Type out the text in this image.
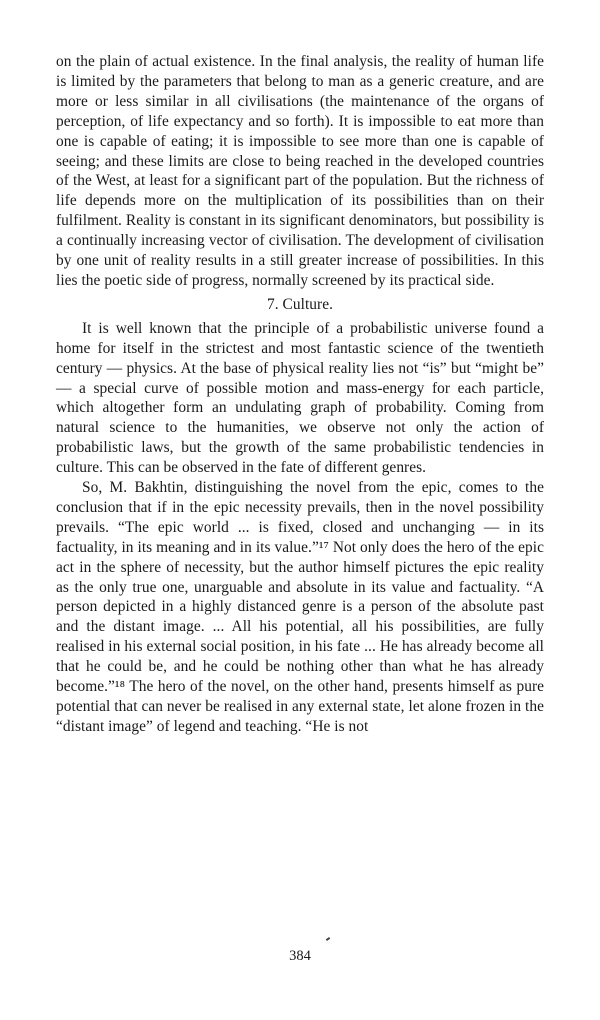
on the plain of actual existence. In the final analysis, the reality of human life is limited by the parameters that belong to man as a generic creature, and are more or less similar in all civilisations (the maintenance of the organs of perception, of life expectancy and so forth). It is impossible to eat more than one is capable of eating; it is impossible to see more than one is capable of seeing; and these limits are close to being reached in the developed countries of the West, at least for a significant part of the population. But the richness of life depends more on the multiplication of its possibilities than on their fulfilment. Reality is constant in its significant denominators, but possibility is a continually increasing vector of civilisation. The development of civilisation by one unit of reality results in a still greater increase of possibilities. In this lies the poetic side of progress, normally screened by its practical side.

7. Culture.

It is well known that the principle of a probabilistic universe found a home for itself in the strictest and most fantastic science of the twentieth century — physics. At the base of physical reality lies not “is” but “might be” — a special curve of possible motion and mass-energy for each particle, which altogether form an undulating graph of probability. Coming from natural science to the humanities, we observe not only the action of probabilistic laws, but the growth of the same probabilistic tendencies in culture. This can be observed in the fate of different genres.

So, M. Bakhtin, distinguishing the novel from the epic, comes to the conclusion that if in the epic necessity prevails, then in the novel possibility prevails. “The epic world ... is fixed, closed and unchanging — in its factuality, in its meaning and in its value.”¹⁷ Not only does the hero of the epic act in the sphere of necessity, but the author himself pictures the epic reality as the only true one, unarguable and absolute in its value and factuality. “A person depicted in a highly distanced genre is a person of the absolute past and the distant image. ... All his potential, all his possibilities, are fully realised in his external social position, in his fate ... He has already become all that he could be, and he could be nothing other than what he has already become.”¹⁸ The hero of the novel, on the other hand, presents himself as pure potential that can never be realised in any external state, let alone frozen in the “distant image” of legend and teaching. “He is not

384
